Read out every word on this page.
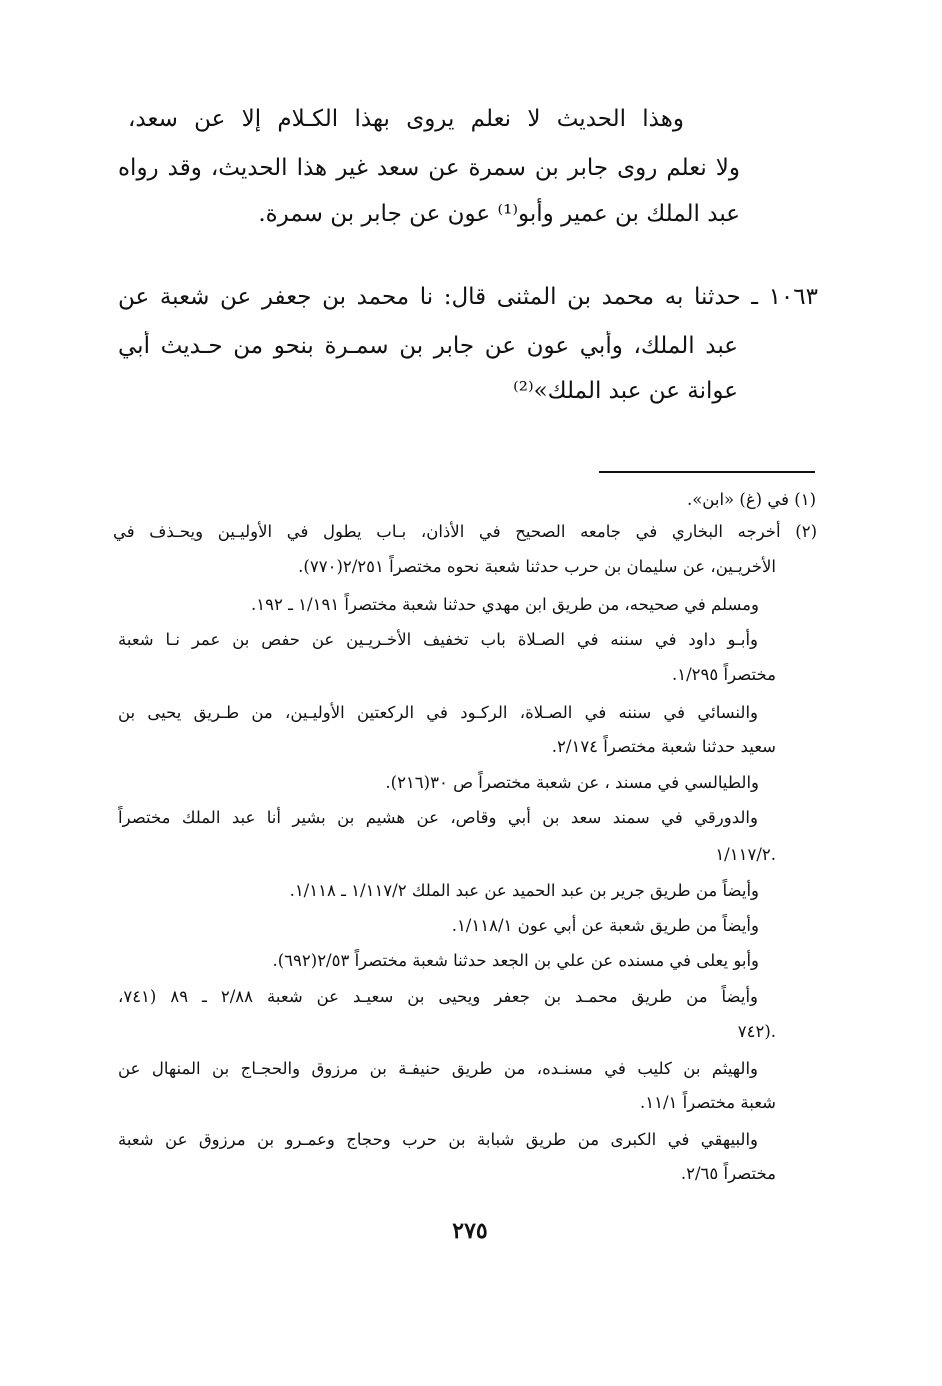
وهذا الحديث لا نعلم يروى بهذا الكـلام إلا عن سعد،
ولا نعلم روى جابر بن سمرة عن سعد غير هذا الحديث، وقد رواه
عبد الملك بن عمير وأبو⁽¹⁾ عون عن جابر بن سمرة.
١٠٦٣ ـ حدثنا به محمد بن المثنى قال: نا محمد بن جعفر عن شعبة عن
عبد الملك، وأبي عون عن جابر بن سمـرة بنحو من حـديث أبي
عوانة عن عبد الملك»⁽²⁾
(١) في (غ) «ابن».
(٢) أخرجه البخاري في جامعه الصحيح في الأذان، بـاب يطول في الأوليـين ويحـذف في
الأخريـين، عن سليمان بن حرب حدثنا شعبة نحوه مختصراً ٢/٢٥١(٧٧٠).
ومسلم في صحيحه، من طريق ابن مهدي حدثنا شعبة مختصراً ١/١٩١ ـ ١٩٢.
وأبـو داود في سننه في الصـلاة باب تخفيف الأخـريـين عن حفص بن عمر نـا شعبة
مختصراً ١/٢٩٥.
والنسائي في سننه في الصـلاة، الركـود في الركعتين الأوليـين، من طـريق يحيى بن
سعيد حدثنا شعبة مختصراً ٢/١٧٤.
والطيالسي في مسند ، عن شعبة مختصراً ص ٣٠(٢١٦).
والدورقي في سمند سعد بن أبي وقاص، عن هشيم بن بشير أنا عبد الملك مختصراً
١/١١٧/٢.
وأيضاً من طريق جرير بن عبد الحميد عن عبد الملك ١/١١٧/٢ ـ ١/١١٨.
وأيضاً من طريق شعبة عن أبي عون ١/١١٨/١.
وأبو يعلى في مسنده عن علي بن الجعد حدثنا شعبة مختصراً ٢/٥٣(٦٩٢).
وأيضاً من طريق محمـد بن جعفر ويحيى بن سعيـد عن شعبة ٢/٨٨ ـ ٨٩ (٧٤١،
٧٤٢).
والهيثم بن كليب في مسنـده، من طريق حنيفـة بن مرزوق والحجـاج بن المنهال عن
شعبة مختصراً ١١/١.
والبيهقي في الكبرى من طريق شبابة بن حرب وحجاج وعمـرو بن مرزوق عن شعبة
مختصراً ٢/٦٥.
٢٧٥
